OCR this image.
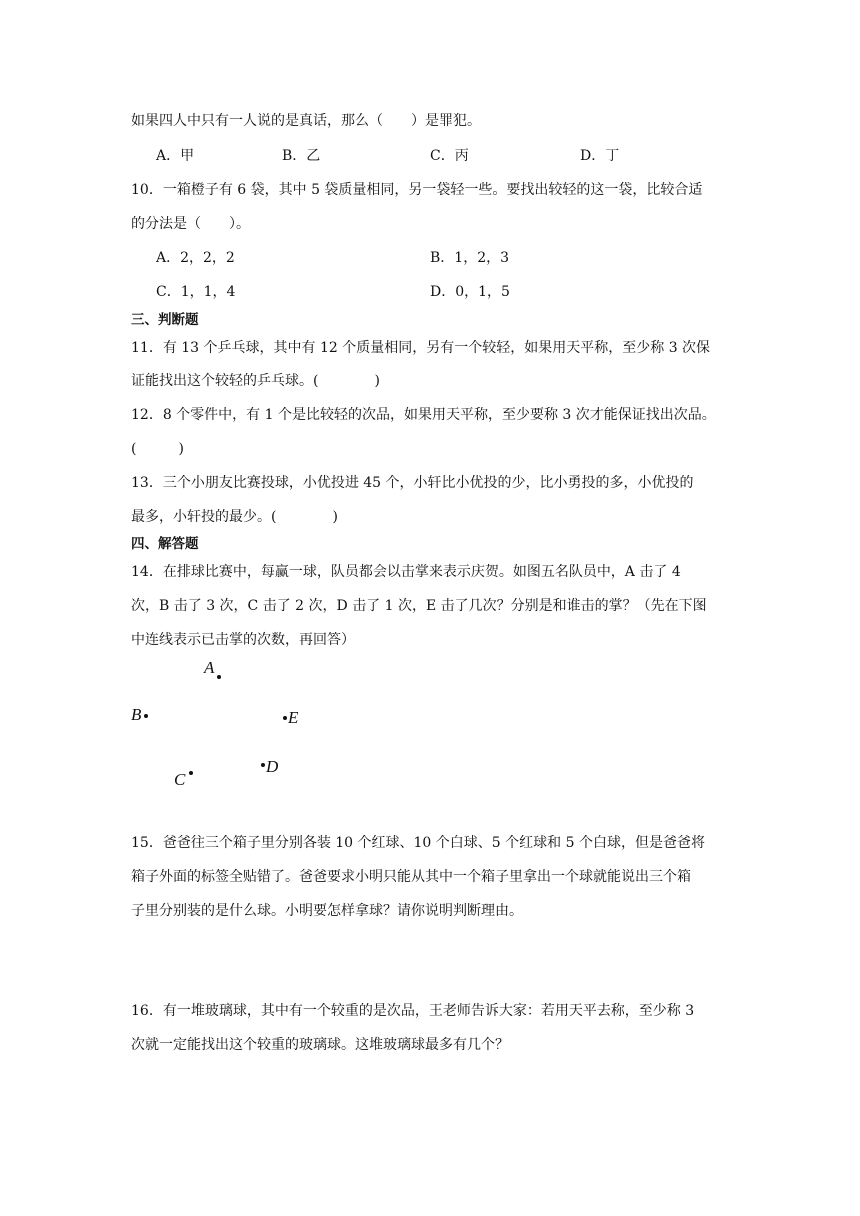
如果四人中只有一人说的是真话，那么（　　）是罪犯。
A．甲	B．乙	C．丙	D．丁
10．一箱橙子有 6 袋，其中 5 袋质量相同，另一袋轻一些。要找出较轻的这一袋，比较合适
的分法是（　　）。
A．2，2，2	B．1，2，3
C．1，1，4	D．0，1，5
三、判断题
11．有 13 个乒乓球，其中有 12 个质量相同，另有一个较轻，如果用天平称，至少称 3 次保
证能找出这个较轻的乒乓球。(　　　　)
12．8 个零件中，有 1 个是比较轻的次品，如果用天平称，至少要称 3 次才能保证找出次品。
(　　　)
13．三个小朋友比赛投球，小优投进 45 个，小轩比小优投的少，比小勇投的多，小优投的
最多，小轩投的最少。(　　　　)
四、解答题
14．在排球比赛中，每赢一球，队员都会以击掌来表示庆贺。如图五名队员中，A 击了 4
次，B 击了 3 次，C 击了 2 次，D 击了 1 次，E 击了几次？分别是和谁击的掌？（先在下图
中连线表示已击掌的次数，再回答）
A
B	E
D
C
15．爸爸往三个箱子里分别各装 10 个红球、10 个白球、5 个红球和 5 个白球，但是爸爸将
箱子外面的标签全贴错了。爸爸要求小明只能从其中一个箱子里拿出一个球就能说出三个箱
子里分别装的是什么球。小明要怎样拿球？请你说明判断理由。
16．有一堆玻璃球，其中有一个较重的是次品，王老师告诉大家：若用天平去称，至少称 3
次就一定能找出这个较重的玻璃球。这堆玻璃球最多有几个？
